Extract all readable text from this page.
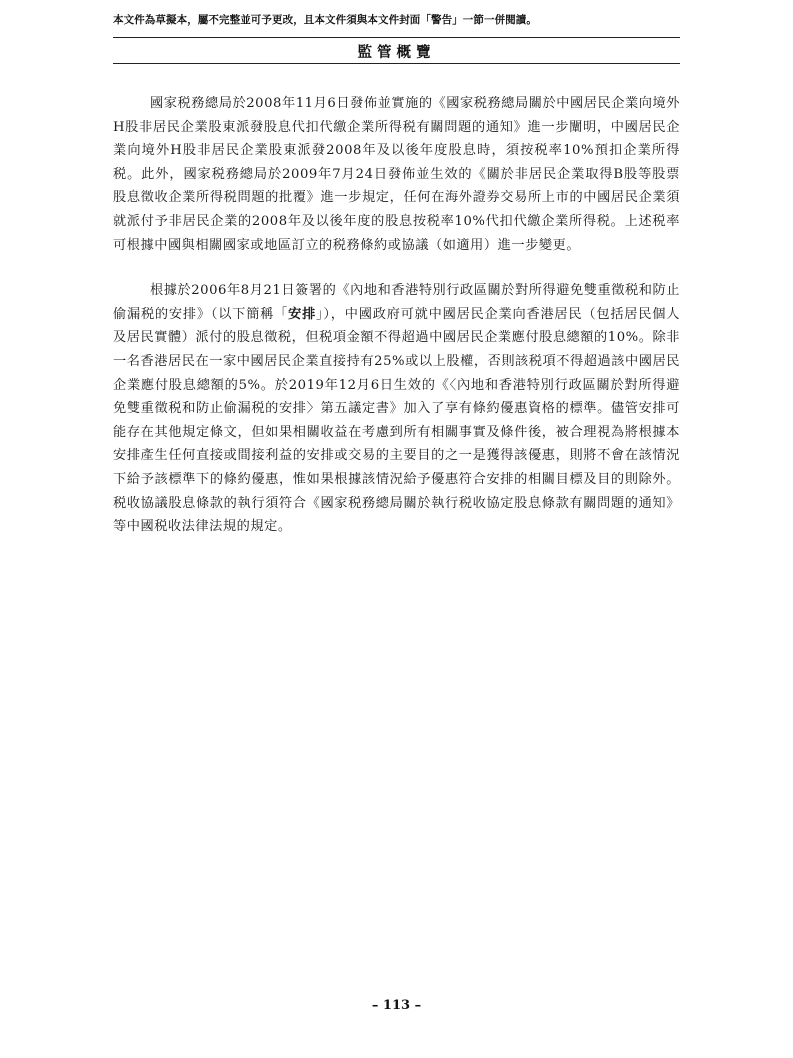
本文件為草擬本，屬不完整並可予更改，且本文件須與本文件封面「警告」一節一併閱讀。
監管概覽

國家税務總局於2008年11月6日發佈並實施的《國家税務總局關於中國居民企業向境外H股非居民企業股東派發股息代扣代繳企業所得税有關問題的通知》進一步闡明，中國居民企業向境外H股非居民企業股東派發2008年及以後年度股息時，須按税率10%預扣企業所得税。此外，國家税務總局於2009年7月24日發佈並生效的《關於非居民企業取得B股等股票股息徵收企業所得税問題的批覆》進一步規定，任何在海外證券交易所上市的中國居民企業須就派付予非居民企業的2008年及以後年度的股息按税率10%代扣代繳企業所得税。上述税率可根據中國與相關國家或地區訂立的税務條約或協議（如適用）進一步變更。

根據於2006年8月21日簽署的《內地和香港特別行政區關於對所得避免雙重徵税和防止偷漏税的安排》（以下簡稱「安排」），中國政府可就中國居民企業向香港居民（包括居民個人及居民實體）派付的股息徵税，但税項金額不得超過中國居民企業應付股息總額的10%。除非一名香港居民在一家中國居民企業直接持有25%或以上股權，否則該税項不得超過該中國居民企業應付股息總額的5%。於2019年12月6日生效的《〈內地和香港特別行政區關於對所得避免雙重徵税和防止偷漏税的安排〉第五議定書》加入了享有條約優惠資格的標準。儘管安排可能存在其他規定條文，但如果相關收益在考慮到所有相關事實及條件後，被合理視為將根據本安排產生任何直接或間接利益的安排或交易的主要目的之一是獲得該優惠，則將不會在該情況下給予該標準下的條約優惠，惟如果根據該情況給予優惠符合安排的相關目標及目的則除外。税收協議股息條款的執行須符合《國家税務總局關於執行税收協定股息條款有關問題的通知》等中國税收法律法規的規定。

– 113 –
